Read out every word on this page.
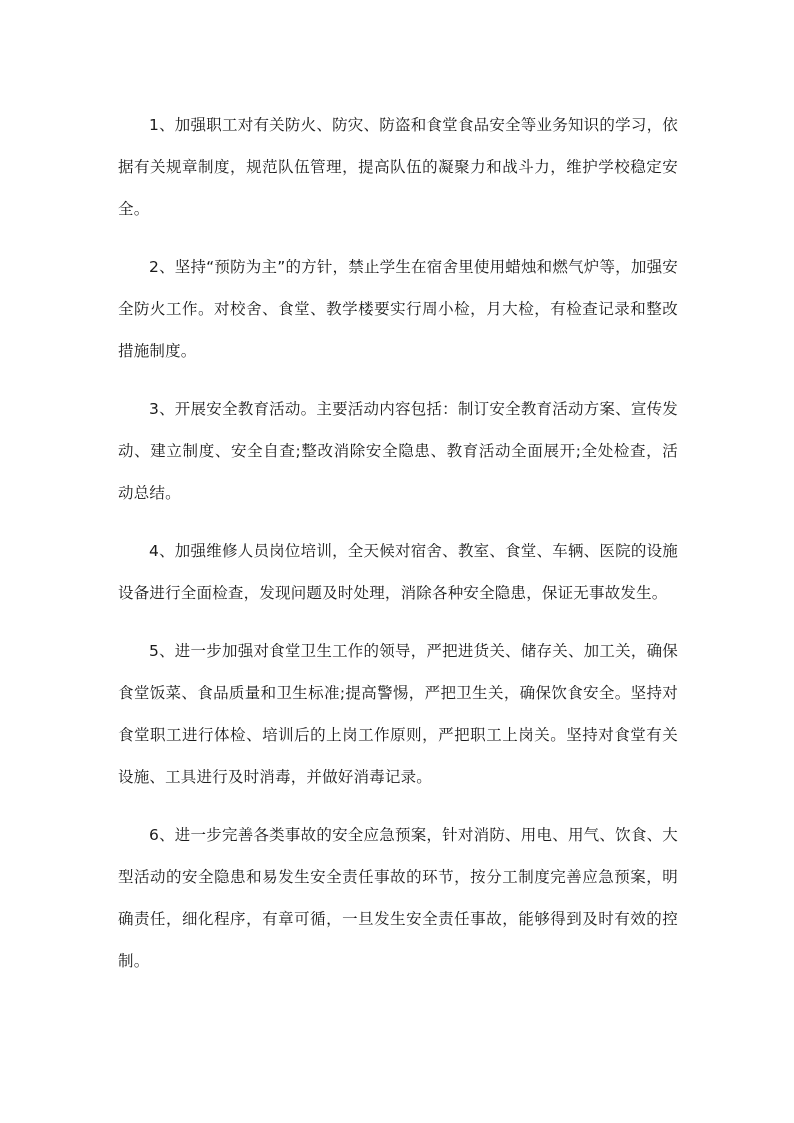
1、加强职工对有关防火、防灾、防盗和食堂食品安全等业务知识的学习，依据有关规章制度，规范队伍管理，提高队伍的凝聚力和战斗力，维护学校稳定安全。

2、坚持“预防为主”的方针，禁止学生在宿舍里使用蜡烛和燃气炉等，加强安全防火工作。对校舍、食堂、教学楼要实行周小检，月大检，有检查记录和整改措施制度。

3、开展安全教育活动。主要活动内容包括：制订安全教育活动方案、宣传发动、建立制度、安全自查;整改消除安全隐患、教育活动全面展开;全处检查，活动总结。

4、加强维修人员岗位培训，全天候对宿舍、教室、食堂、车辆、医院的设施设备进行全面检查，发现问题及时处理，消除各种安全隐患，保证无事故发生。

5、进一步加强对食堂卫生工作的领导，严把进货关、储存关、加工关，确保食堂饭菜、食品质量和卫生标准;提高警惕，严把卫生关，确保饮食安全。坚持对食堂职工进行体检、培训后的上岗工作原则，严把职工上岗关。坚持对食堂有关设施、工具进行及时消毒，并做好消毒记录。

6、进一步完善各类事故的安全应急预案，针对消防、用电、用气、饮食、大型活动的安全隐患和易发生安全责任事故的环节，按分工制度完善应急预案，明确责任，细化程序，有章可循，一旦发生安全责任事故，能够得到及时有效的控制。
